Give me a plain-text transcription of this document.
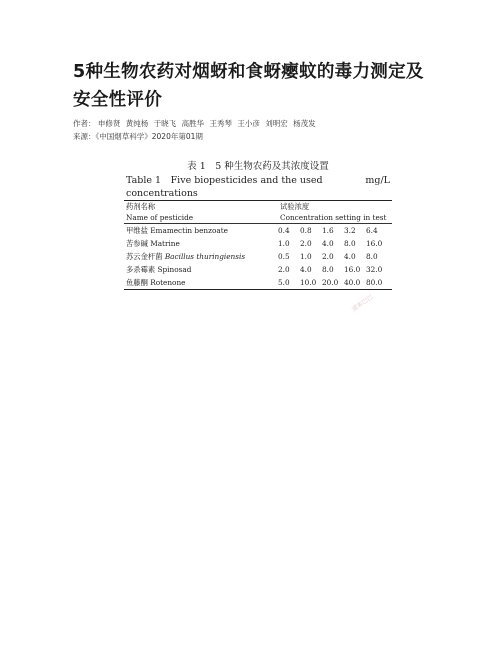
5种生物农药对烟蚜和食蚜瘿蚊的毒力测定及安全性评价
作者： 申修贤 黄纯杨 于晓飞 高胜华 王秀琴 王小彦 刘明宏 杨茂发
来源：《中国烟草科学》2020年第01期
表 1　5 种生物农药及其浓度设置
Table 1　Five biopesticides and the used concentrations
mg/L
药剂名称	试验浓度
Name of pesticide	Concentration setting in test
甲维盐 Emamectin benzoate	0.4	0.8	1.6	3.2	6.4
苦参碱 Matrine	1.0	2.0	4.0	8.0	16.0
苏云金杆菌 Bacillus thuringiensis	0.5	1.0	2.0	4.0	8.0
多杀霉素 Spinosad	2.0	4.0	8.0	16.0 32.0
鱼藤酮 Rotenone	5.0	10.0 20.0 40.0 80.0
道客巴巴
